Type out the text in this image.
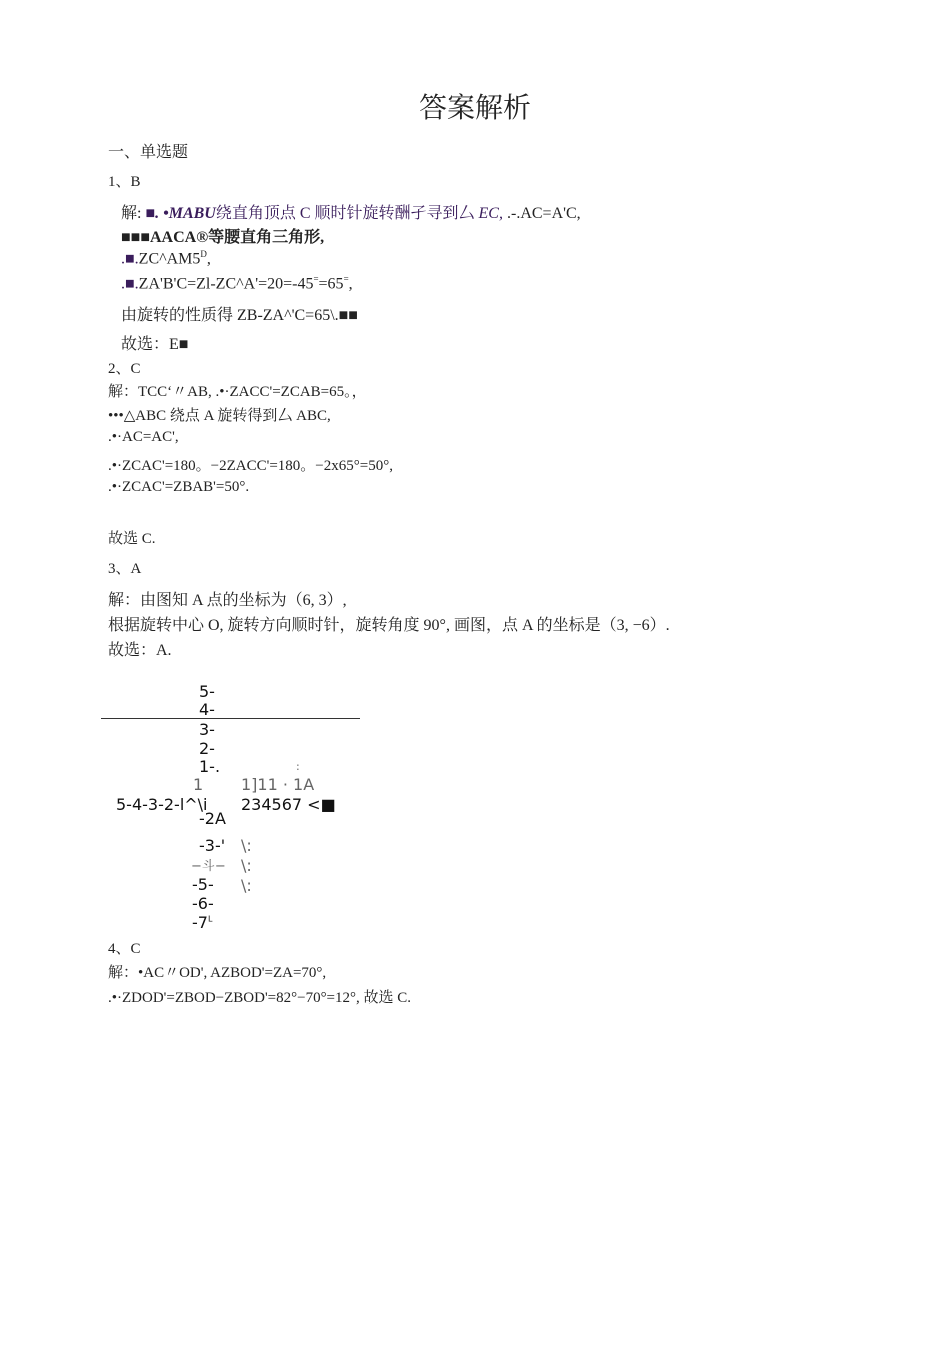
答案解析
一、单选题
1、B
解: ■. •MABU绕直角顶点 C 顺时针旋转酬孑寻到厶 EC, .-.AC=A'C,
■■■AACA®等腰直角三角形,
$.■.ZC\^{}AM5^D$,
.■.ZA'B'C=Zl-ZC^A'=20=-45==65=,
由旋转的性质得 ZB-ZA^'C=65\.■■
故选：E■
2、C
解：TCC‘〃AB, .•·ZACC'=ZCAB=65。，
•••△ABC 绕点 A 旋转得到厶 ABC,
.•·AC=AC',
.•·ZCAC'=180。−2ZACC'=180。−2x65°=50°,
.•·ZCAC'=ZBAB'=50°.
故选 C.
3、A
解：由图知 A 点的坐标为（6, 3）,
根据旋转中心 O, 旋转方向顺时针，旋转角度 90°, 画图，点 A 的坐标是（3, −6）.
故选：A.
5-
4-
3-
2-
1-.	:
1 1]11 · 1A
5-4-3-2-l^\i 234567 <■
-2A
-3-' \:
−斗− \:
-5- \:
-6-
$-7^L$
4、C
解：•AC〃OD', AZBOD'=ZA=70°,
.•·ZDOD'=ZBOD−ZBOD'=82°−70°=12°, 故选 C.
